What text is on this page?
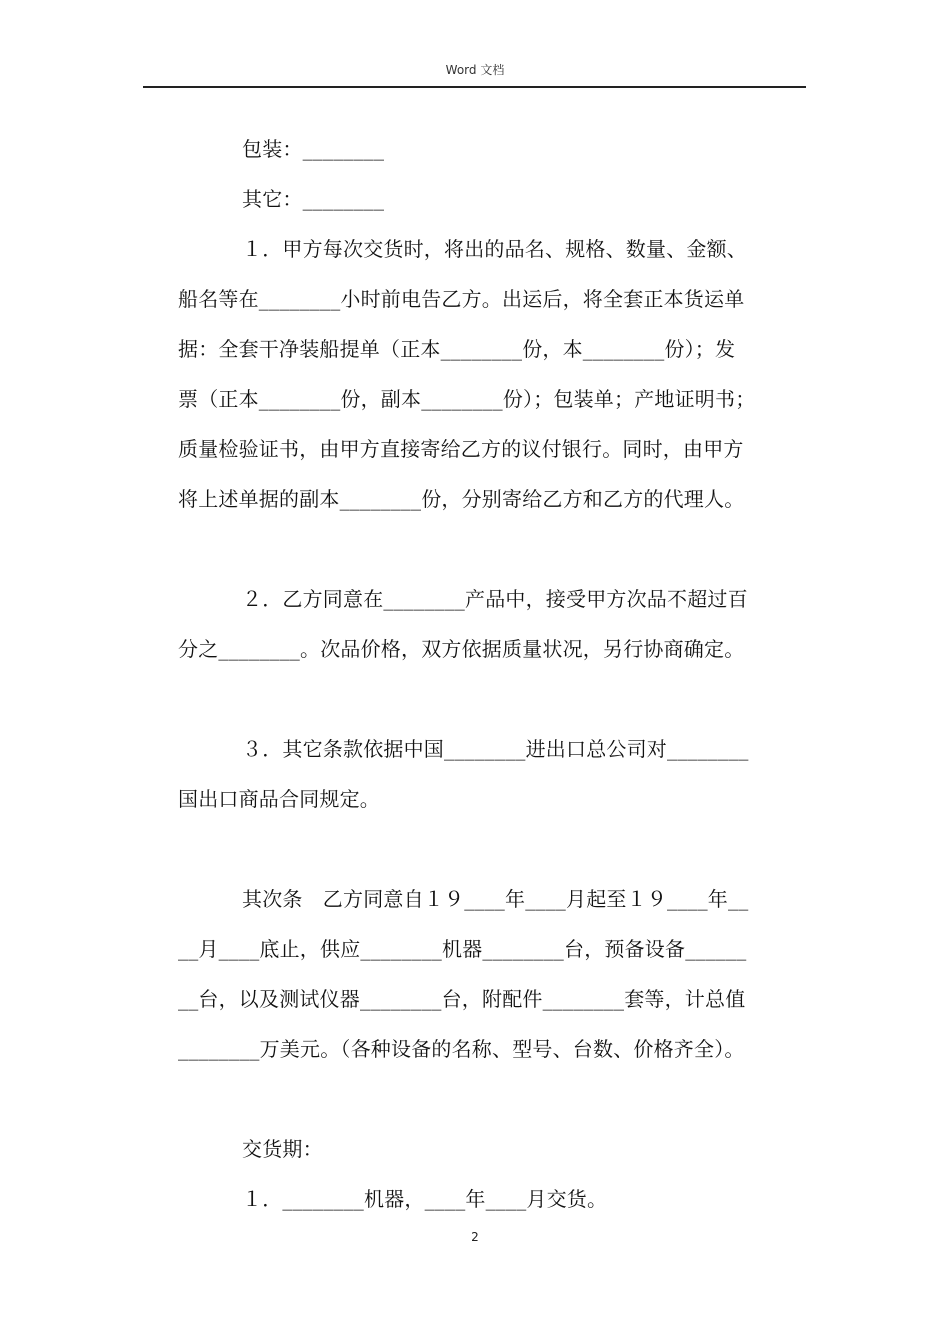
Word 文档

包装：________

其它：________

１．甲方每次交货时，将出的品名、规格、数量、金额、

船名等在________小时前电告乙方。出运后，将全套正本货运单

据：全套干净装船提单（正本________份，本________份）；发

票（正本________份，副本________份）；包装单；产地证明书；

质量检验证书，由甲方直接寄给乙方的议付银行。同时，由甲方

将上述单据的副本________份，分别寄给乙方和乙方的代理人。

２．乙方同意在________产品中，接受甲方次品不超过百

分之________。次品价格，双方依据质量状况，另行协商确定。

３．其它条款依据中国________进出口总公司对________

国出口商品合同规定。

其次条　乙方同意自１９____年____月起至１９____年__

__月____底止，供应________机器________台，预备设备______

__台，以及测试仪器________台，附配件________套等，计总值

________万美元。（各种设备的名称、型号、台数、价格齐全）。

交货期：

１．________机器，____年____月交货。

2
